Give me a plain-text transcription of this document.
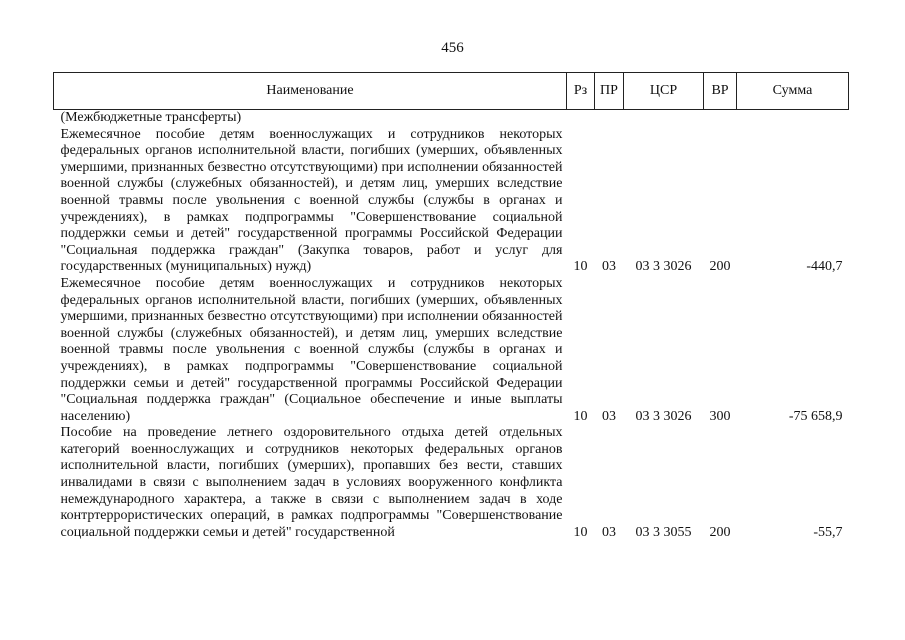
456
Наименование	Рз	ПР	ЦСР	ВР	Сумма
(Межбюджетные трансферты)					
Ежемесячное пособие детям военнослужащих и сотрудников некоторых федеральных органов исполнительной власти, погибших (умерших, объявленных умершими, признанных безвестно отсутствующими) при исполнении обязанностей военной службы (служебных обязанностей), и детям лиц, умерших вследствие военной травмы после увольнения с военной службы (службы в органах и учреждениях), в рамках подпрограммы "Совершенствование социальной поддержки семьи и детей" государственной программы Российской Федерации "Социальная поддержка граждан" (Закупка товаров, работ и услуг для государственных (муниципальных) нужд)	10	03	03 3 3026	200	-440,7
Ежемесячное пособие детям военнослужащих и сотрудников некоторых федеральных органов исполнительной власти, погибших (умерших, объявленных умершими, признанных безвестно отсутствующими) при исполнении обязанностей военной службы (служебных обязанностей), и детям лиц, умерших вследствие военной травмы после увольнения с военной службы (службы в органах и учреждениях), в рамках подпрограммы "Совершенствование социальной поддержки семьи и детей" государственной программы Российской Федерации "Социальная поддержка граждан" (Социальное обеспечение и иные выплаты населению)	10	03	03 3 3026	300	-75 658,9
Пособие на проведение летнего оздоровительного отдыха детей отдельных категорий военнослужащих и сотрудников некоторых федеральных органов исполнительной власти, погибших (умерших), пропавших без вести, ставших инвалидами в связи с выполнением задач в условиях вооруженного конфликта немеждународного характера, а также в связи с выполнением задач в ходе контртеррористических операций, в рамках подпрограммы "Совершенствование социальной поддержки семьи и детей" государственной	10	03	03 3 3055	200	-55,7
